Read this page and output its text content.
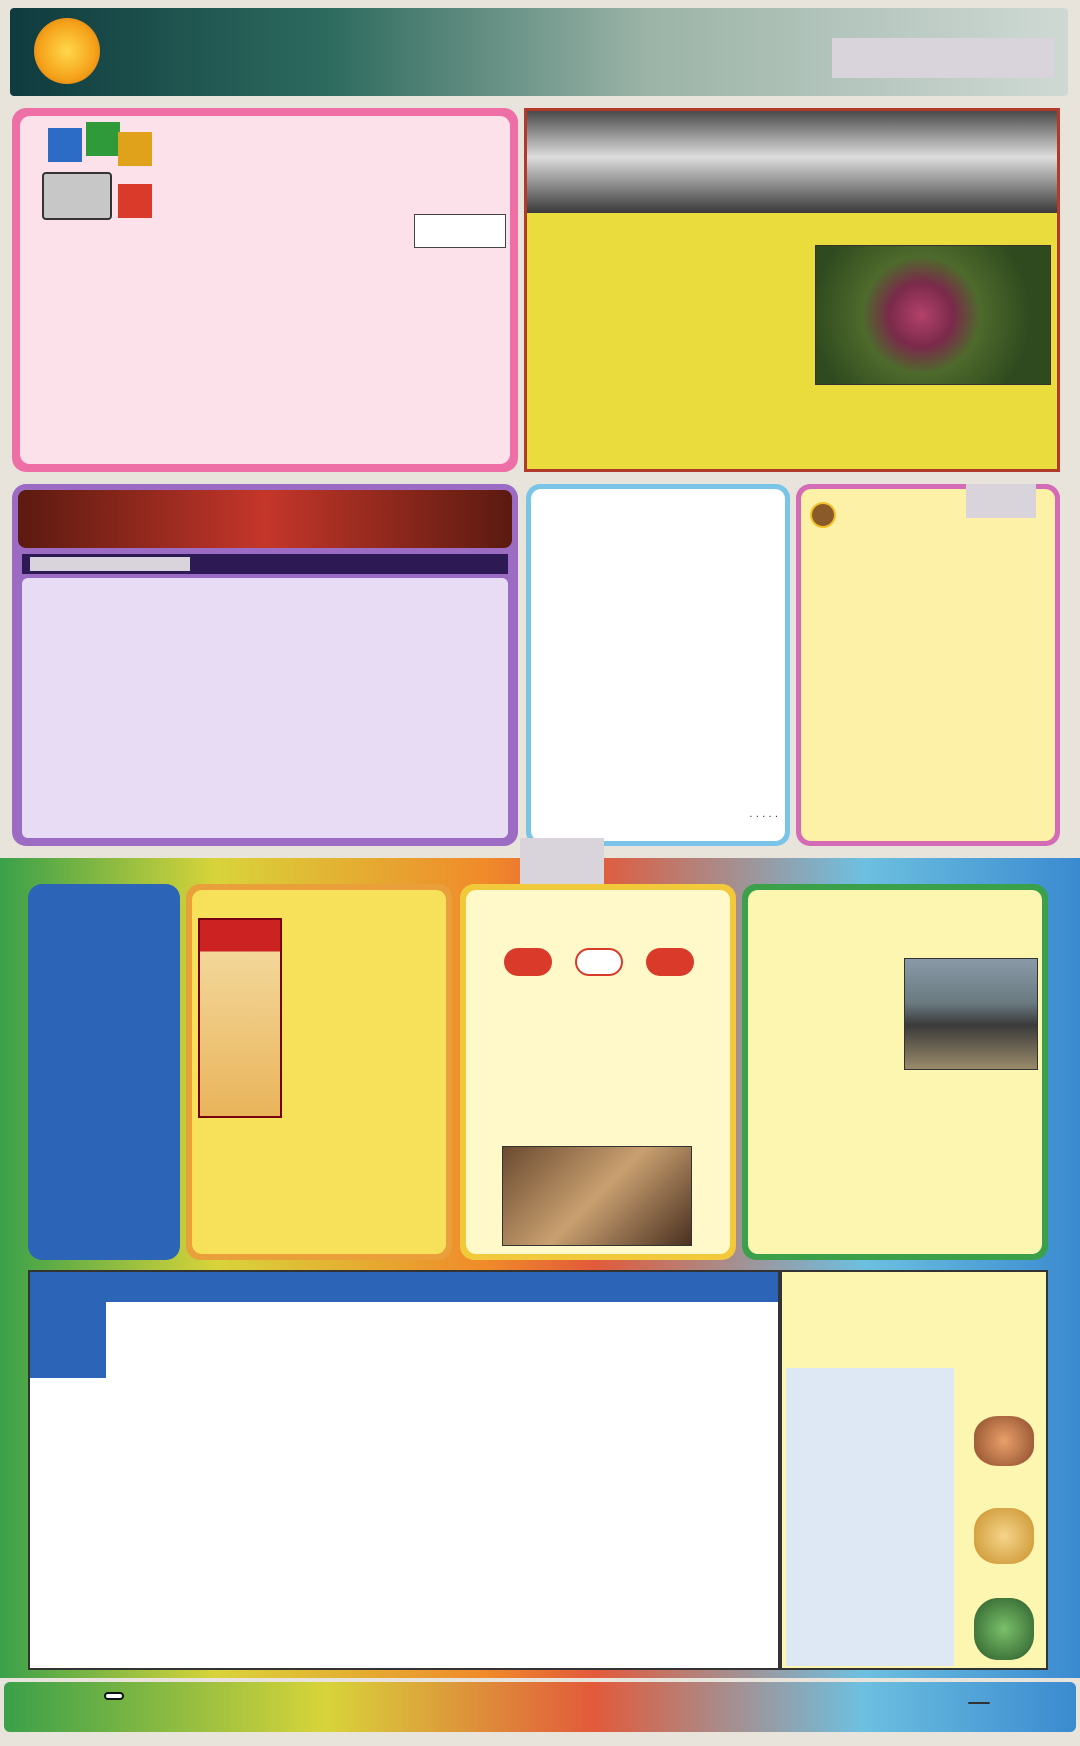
· · · · ·
